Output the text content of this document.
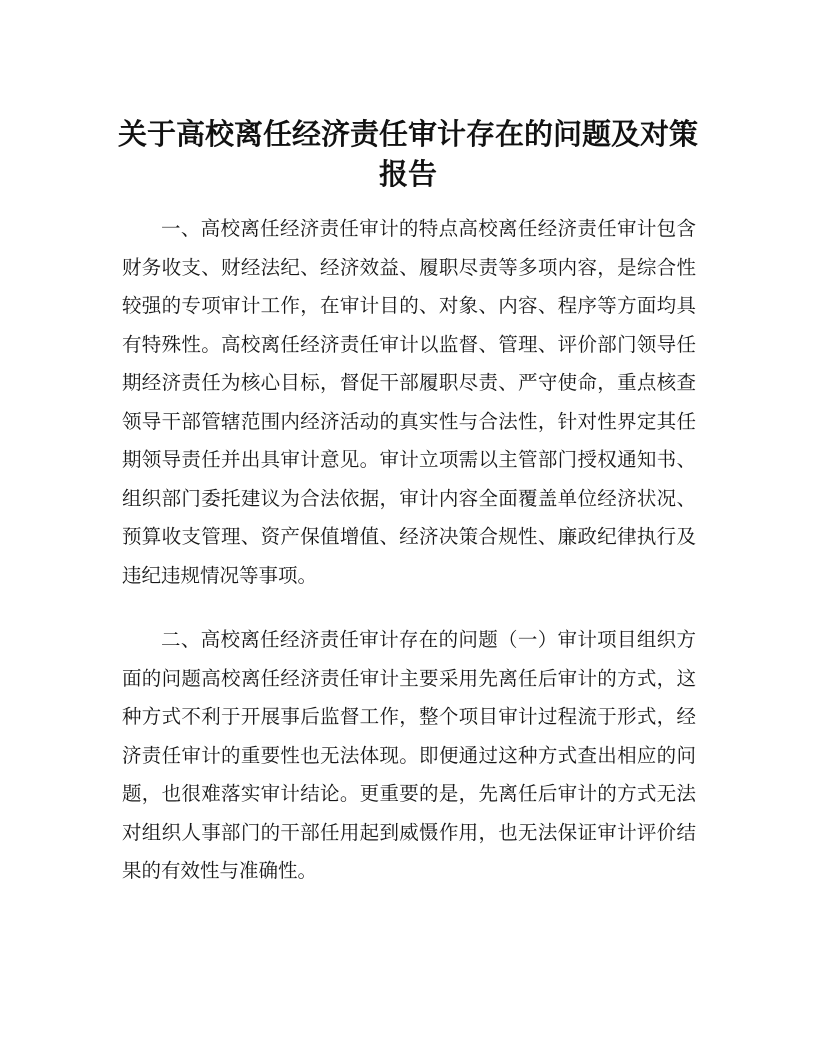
关于高校离任经济责任审计存在的问题及对策报告

一、高校离任经济责任审计的特点高校离任经济责任审计包含财务收支、财经法纪、经济效益、履职尽责等多项内容，是综合性较强的专项审计工作，在审计目的、对象、内容、程序等方面均具有特殊性。高校离任经济责任审计以监督、管理、评价部门领导任期经济责任为核心目标，督促干部履职尽责、严守使命，重点核查领导干部管辖范围内经济活动的真实性与合法性，针对性界定其任期领导责任并出具审计意见。审计立项需以主管部门授权通知书、组织部门委托建议为合法依据，审计内容全面覆盖单位经济状况、预算收支管理、资产保值增值、经济决策合规性、廉政纪律执行及违纪违规情况等事项。

二、高校离任经济责任审计存在的问题（一）审计项目组织方面的问题高校离任经济责任审计主要采用先离任后审计的方式，这种方式不利于开展事后监督工作，整个项目审计过程流于形式，经济责任审计的重要性也无法体现。即便通过这种方式查出相应的问题，也很难落实审计结论。更重要的是，先离任后审计的方式无法对组织人事部门的干部任用起到威慑作用，也无法保证审计评价结果的有效性与准确性。
